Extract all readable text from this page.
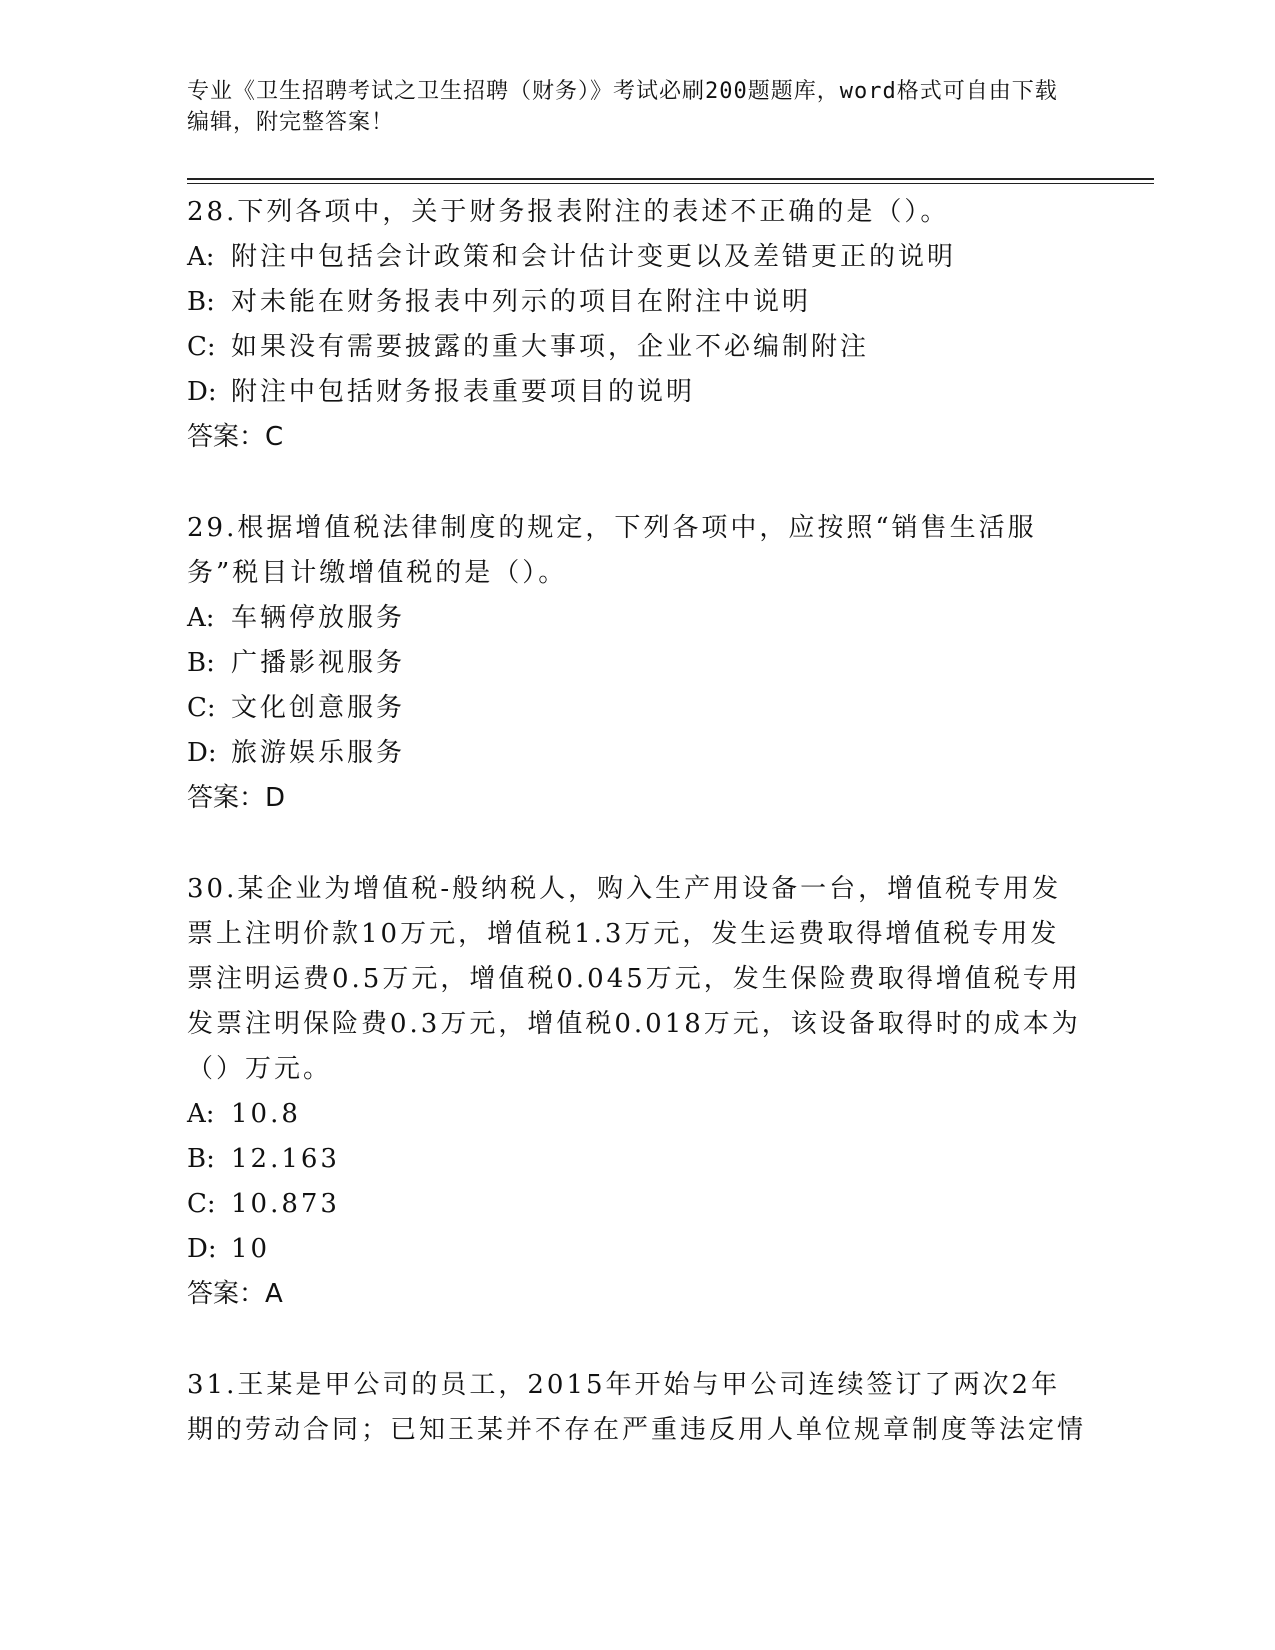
专业《卫生招聘考试之卫生招聘（财务）》考试必刷200题题库，word格式可自由下载编辑，附完整答案！

28.下列各项中，关于财务报表附注的表述不正确的是（）。

A: 附注中包括会计政策和会计估计变更以及差错更正的说明
B: 对未能在财务报表中列示的项目在附注中说明
C: 如果没有需要披露的重大事项，企业不必编制附注
D: 附注中包括财务报表重要项目的说明
答案：C

29.根据增值税法律制度的规定，下列各项中，应按照“销售生活服务”税目计缴增值税的是（）。

A: 车辆停放服务
B: 广播影视服务
C: 文化创意服务
D: 旅游娱乐服务
答案：D

30.某企业为增值税-般纳税人，购入生产用设备一台，增值税专用发票上注明价款10万元，增值税1.3万元，发生运费取得增值税专用发票注明运费0.5万元，增值税0.045万元，发生保险费取得增值税专用发票注明保险费0.3万元，增值税0.018万元，该设备取得时的成本为（）万元。

A: 10.8
B: 12.163
C: 10.873
D: 10
答案：A

31.王某是甲公司的员工，2015年开始与甲公司连续签订了两次2年期的劳动合同；已知王某并不存在严重违反用人单位规章制度等法定情
